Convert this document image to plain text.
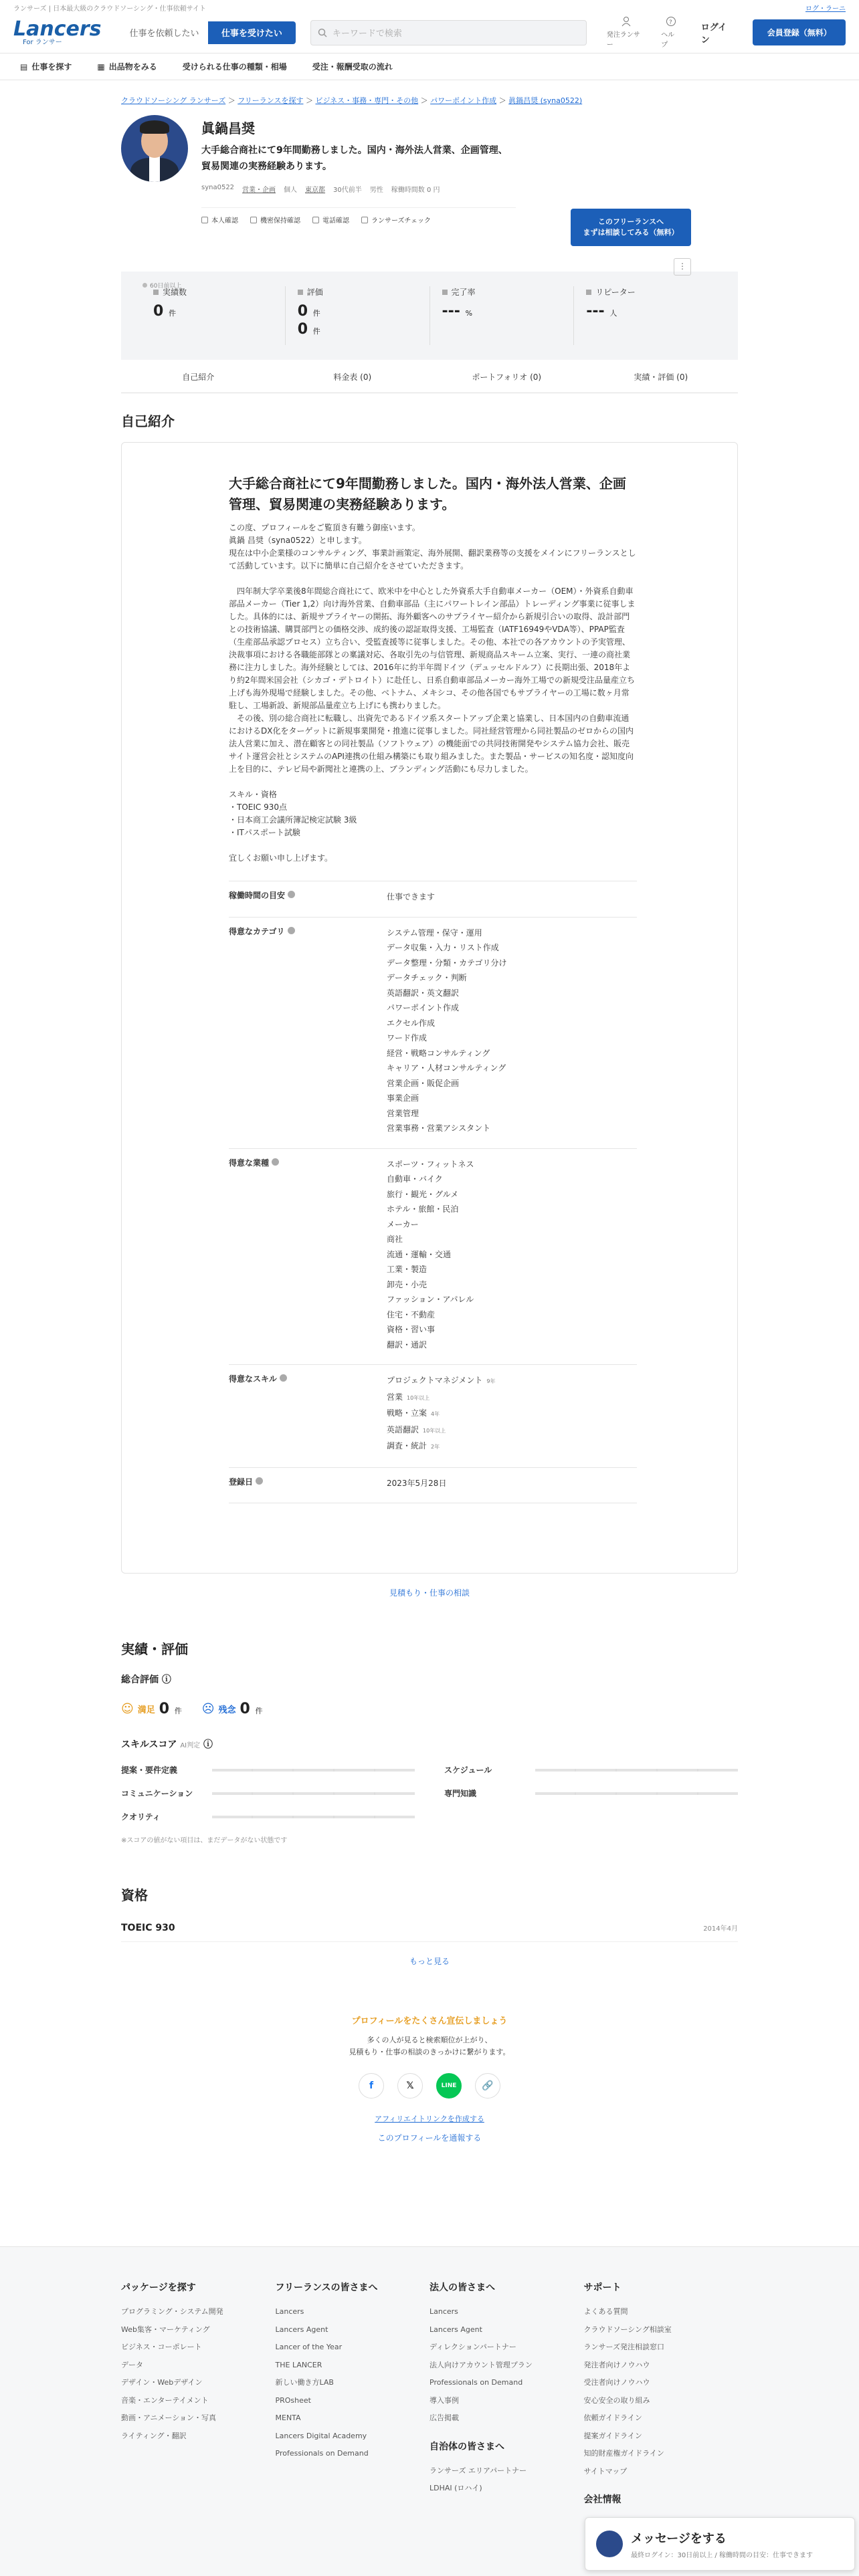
ランサーズ | 日本最大級のクラウドソーシング・仕事依頼サイト	ログ・ラーニ
Lancers
For ランサー
仕事を依頼したい	仕事を受けたい	キーワードで検索	発注ランサー
?
ヘルプ
ログイン
会員登録（無料）
▤ 仕事を探す	▦ 出品物をみる	受けられる仕事の種類・相場	受注・報酬受取の流れ
クラウドソーシング ランサーズ ＞ フリーランスを探す ＞ ビジネス・事務・専門・その他 ＞ パワーポイント作成 ＞ 眞鍋昌奨 (syna0522)
眞鍋昌奨
大手総合商社にて9年間勤務しました。国内・海外法人営業、企画管理、貿易関連の実務経験あります。
syna0522 営業・企画 個人 東京都 30代前半 男性 稼働時間数 0 円
本人確認	機密保持確認	電話確認	ランサーズチェック
60日前以上
このフリーランスへ
まずは相談してみる（無料）
⋮
実績数
0 件
評価
0 件
0 件
完了率
--- %
リピーター
--- 人
自己紹介	料金表 (0)	ポートフォリオ (0)	実績・評価 (0)
自己紹介
大手総合商社にて9年間勤務しました。国内・海外法人営業、企画管理、貿易関連の実務経験あります。
この度、プロフィールをご覧頂き有難う御座います。
眞鍋 昌奨（syna0522）と申します。
現在は中小企業様のコンサルティング、事業計画策定、海外展開、翻訳業務等の支援をメインにフリーランスとして活動しています。以下に簡単に自己紹介をさせていただきます。

　四年制大学卒業後8年間総合商社にて、欧米中を中心とした外資系大手自動車メーカー（OEM）・外資系自動車部品メーカー（Tier 1,2）向け海外営業、自動車部品（主にパワートレイン部品）トレーディング事業に従事しました。具体的には、新規サプライヤーの開拓、海外顧客へのサプライヤー紹介から新規引合いの取得、設計部門との技術協議、購買部門との価格交渉、成約後の認証取得支援、工場監査（IATF16949やVDA等）、PPAP監査（生産部品承認プロセス）立ち合い、受監査援等に従事しました。その他、本社での各アカウントの予実管理、決裁事項における各職能部隊との稟議対応、各取引先の与信管理、新規商品スキーム立案、実行、一連の商社業務に注力しました。海外経験としては、2016年に約半年間ドイツ（デュッセルドルフ）に長期出張、2018年より約2年間米国会社（シカゴ・デトロイト）に赴任し、日系自動車部品メーカー海外工場での新規受注品量産立ち上げも海外現場で経験しました。その他、ベトナム、メキシコ、その他各国でもサプライヤーの工場に数ヶ月常駐し、工場新設、新規部品量産立ち上げにも携わりました。
　その後、別の総合商社に転職し、出資先であるドイツ系スタートアップ企業と協業し、日本国内の自動車流通におけるDX化をターゲットに新規事業開発・推進に従事しました。同社経営管理から同社製品のゼロからの国内法人営業に加え、潜在顧客との同社製品（ソフトウェア）の機能面での共同技術開発やシステム協力会社、販売サイト運営会社とシステムのAPI連携の仕組み構築にも取り組みました。また製品・サービスの知名度・認知度向上を目的に、テレビ局や新聞社と連携の上、ブランディング活動にも尽力しました。

スキル・資格
・TOEIC 930点
・日本商工会議所簿記検定試験 3級
・ITパスポート試験

宜しくお願い申し上げます。
稼働時間の目安	仕事できます
得意なカテゴリ	システム管理・保守・運用
データ収集・入力・リスト作成
データ整理・分類・カテゴリ分け
データチェック・判断
英語翻訳・英文翻訳
パワーポイント作成
エクセル作成
ワード作成
経営・戦略コンサルティング
キャリア・人材コンサルティング
営業企画・販促企画
事業企画
営業管理
営業事務・営業アシスタント
得意な業種	スポーツ・フィットネス
自動車・バイク
旅行・観光・グルメ
ホテル・旅館・民泊
メーカー
商社
流通・運輸・交通
工業・製造
卸売・小売
ファッション・アパレル
住宅・不動産
資格・習い事
翻訳・通訳
得意なスキル	プロジェクトマネジメント 9年
営業 10年以上
戦略・立案 4年
英語翻訳 10年以上
調査・統計 2年
登録日	2023年5月28日
見積もり・仕事の相談
実績・評価
総合評価 ⓘ
☺ 満足 0 件 ☹ 残念 0 件
スキルスコア AI判定 ⓘ
提案・要件定義	スケジュール
コミュニケーション	専門知識
クオリティ
※スコアの値がない項目は、まだデータがない状態です
資格
TOEIC 930	2014年4月
もっと見る
プロフィールをたくさん宣伝しましょう
多くの人が見ると検索順位が上がり、
見積もり・仕事の相談のきっかけに繋がります。
f	𝕏	LINE	🔗
アフィリエイトリンクを作成する
このプロフィールを通報する
パッケージを探す
プログラミング・システム開発
Web集客・マーケティング
ビジネス・コーポレート
データ
デザイン・Webデザイン
音楽・エンターテイメント
動画・アニメーション・写真
ライティング・翻訳
フリーランスの皆さまへ
Lancers
Lancers Agent
Lancer of the Year
THE LANCER
新しい働き方LAB
PROsheet
MENTA
Lancers Digital Academy
Professionals on Demand
法人の皆さまへ
Lancers
Lancers Agent
ディレクションパートナー
法人向けアカウント管理プラン
Professionals on Demand
導入事例
広告掲載
自治体の皆さまへ
ランサーズ エリアパートナー
LDHAI (ロハイ)
サポート
よくある質問
クラウドソーシング相談室
ランサーズ発注相談窓口
発注者向けノウハウ
受注者向けノウハウ
安心安全の取り組み
依頼ガイドライン
提案ガイドライン
知的財産権ガイドライン
サイトマップ
会社情報
メッセージをする
最終ログイン：30日前以上 / 稼働時間の目安：仕事できます
